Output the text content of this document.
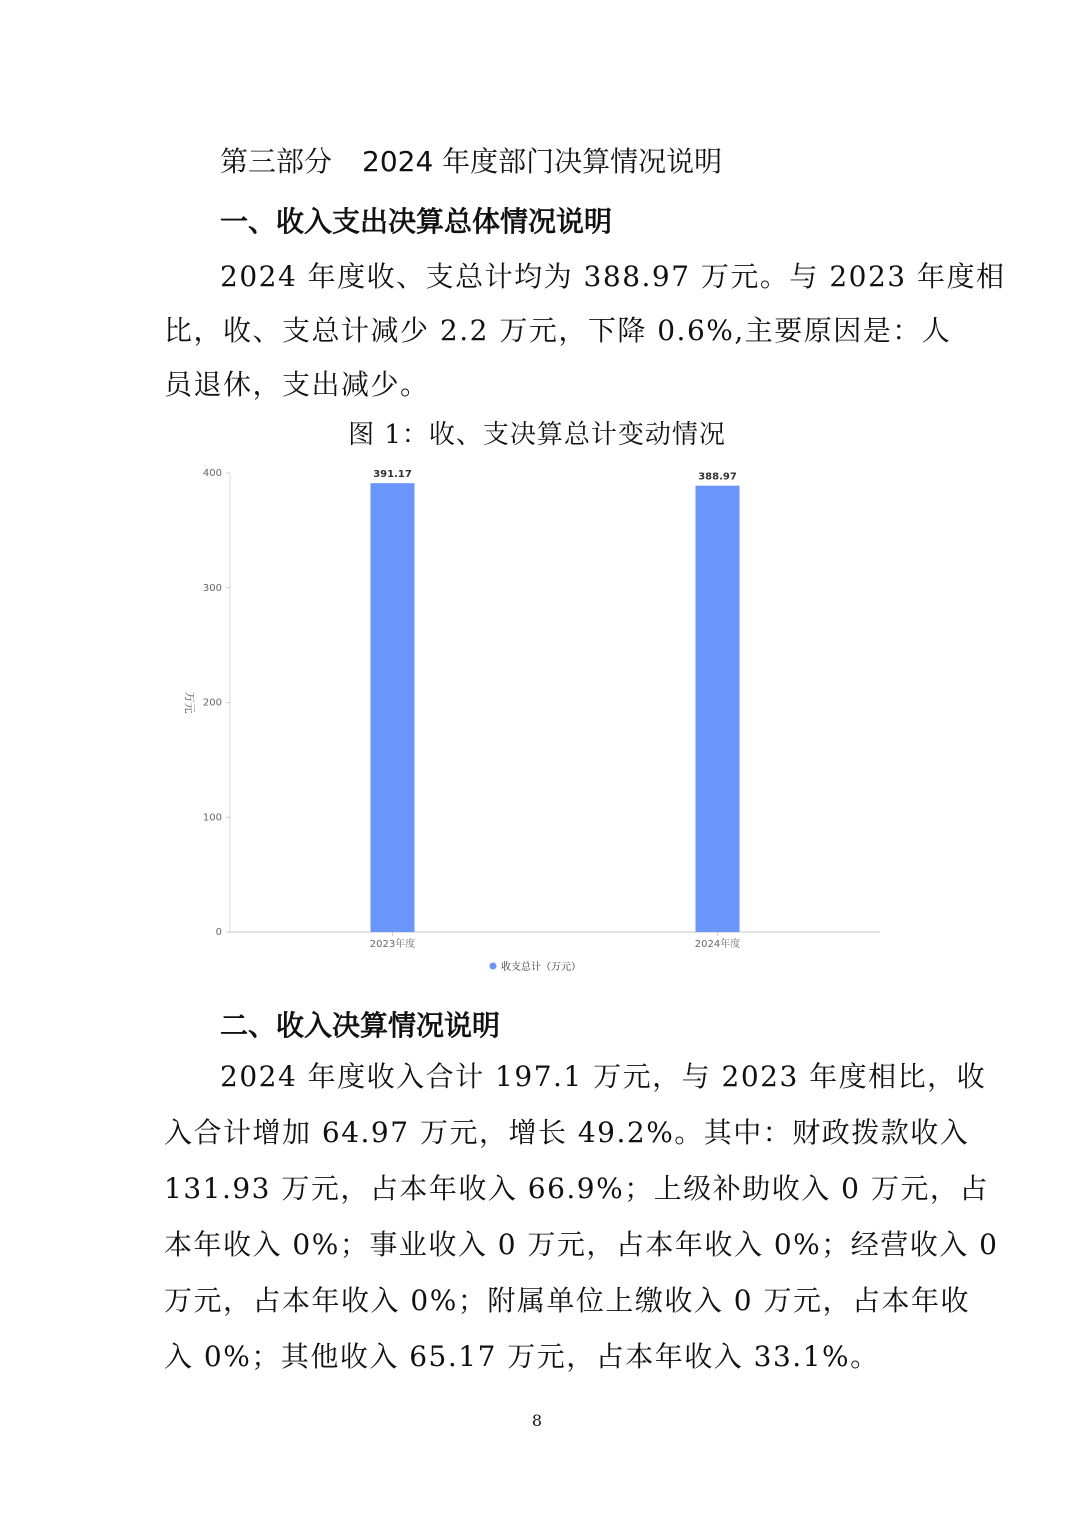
第三部分 2024 年度部门决算情况说明
一、收入支出决算总体情况说明
2024 年度收、支总计均为 388.97 万元。与 2023 年度相
比，收、支总计减少 2.2 万元，下降 0.6%,主要原因是：人
员退休，支出减少。
图 1：收、支决算总计变动情况
0
100
200
300
400
万元
391.17
2023年度
388.97
2024年度
收支总计（万元）
二、收入决算情况说明
2024 年度收入合计 197.1 万元，与 2023 年度相比，收
入合计增加 64.97 万元，增长 49.2%。其中：财政拨款收入
131.93 万元，占本年收入 66.9%；上级补助收入 0 万元，占
本年收入 0%；事业收入 0 万元，占本年收入 0%；经营收入 0
万元，占本年收入 0%；附属单位上缴收入 0 万元，占本年收
入 0%；其他收入 65.17 万元，占本年收入 33.1%。
8
